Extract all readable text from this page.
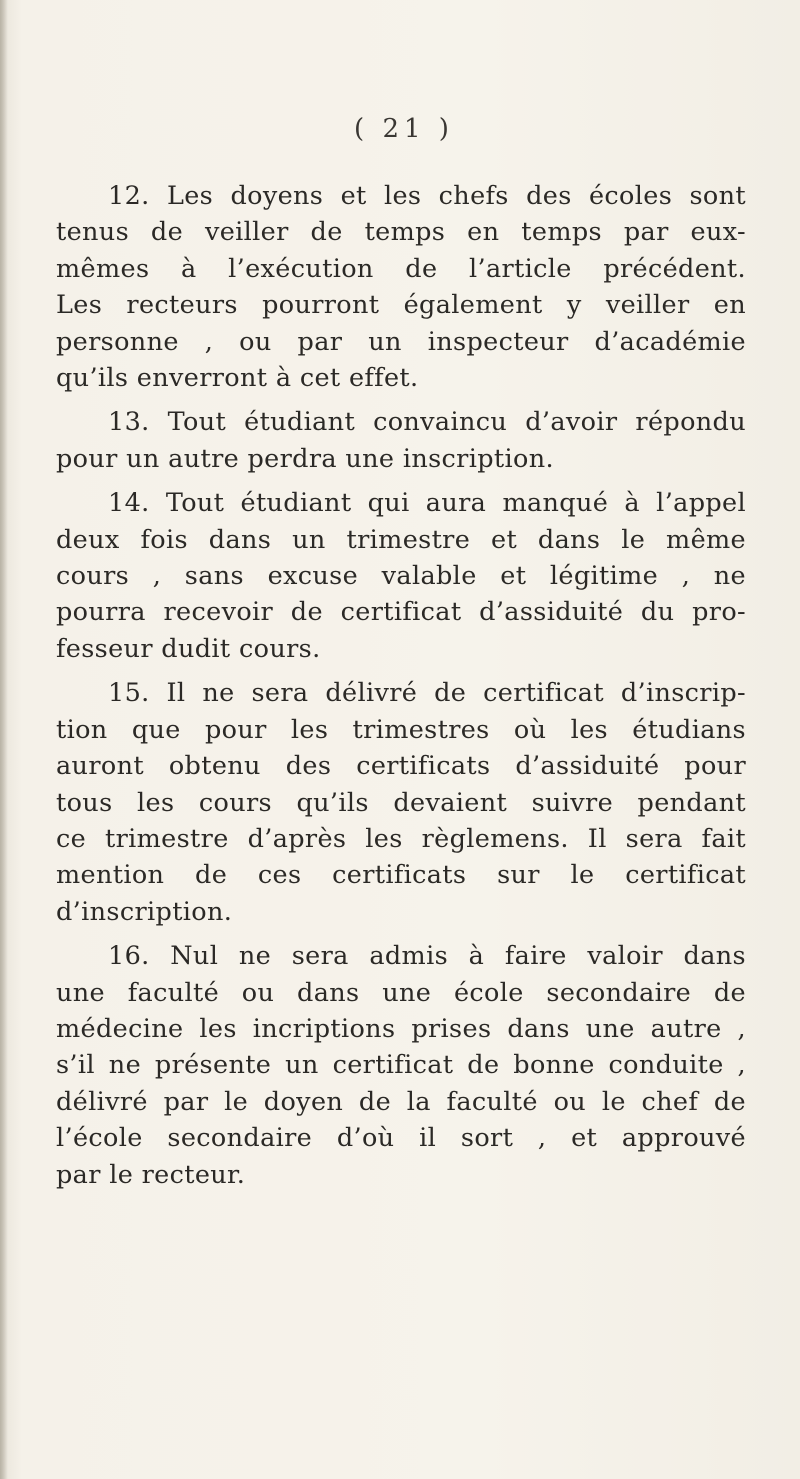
( 21 )
12. Les doyens et les chefs des écoles sont
tenus de veiller de temps en temps par eux-
mêmes à l’exécution de l’article précédent.
Les recteurs pourront également y veiller en
personne , ou par un inspecteur d’académie
qu’ils enverront à cet effet.
13. Tout étudiant convaincu d’avoir répondu
pour un autre perdra une inscription.
14. Tout étudiant qui aura manqué à l’appel
deux fois dans un trimestre et dans le même
cours , sans excuse valable et légitime , ne
pourra recevoir de certificat d’assiduité du pro-
fesseur dudit cours.
15. Il ne sera délivré de certificat d’inscrip-
tion que pour les trimestres où les étudians
auront obtenu des certificats d’assiduité pour
tous les cours qu’ils devaient suivre pendant
ce trimestre d’après les règlemens. Il sera fait
mention de ces certificats sur le certificat
d’inscription.
16. Nul ne sera admis à faire valoir dans
une faculté ou dans une école secondaire de
médecine les incriptions prises dans une autre ,
s’il ne présente un certificat de bonne conduite ,
délivré par le doyen de la faculté ou le chef de
l’école secondaire d’où il sort , et approuvé
par le recteur.
